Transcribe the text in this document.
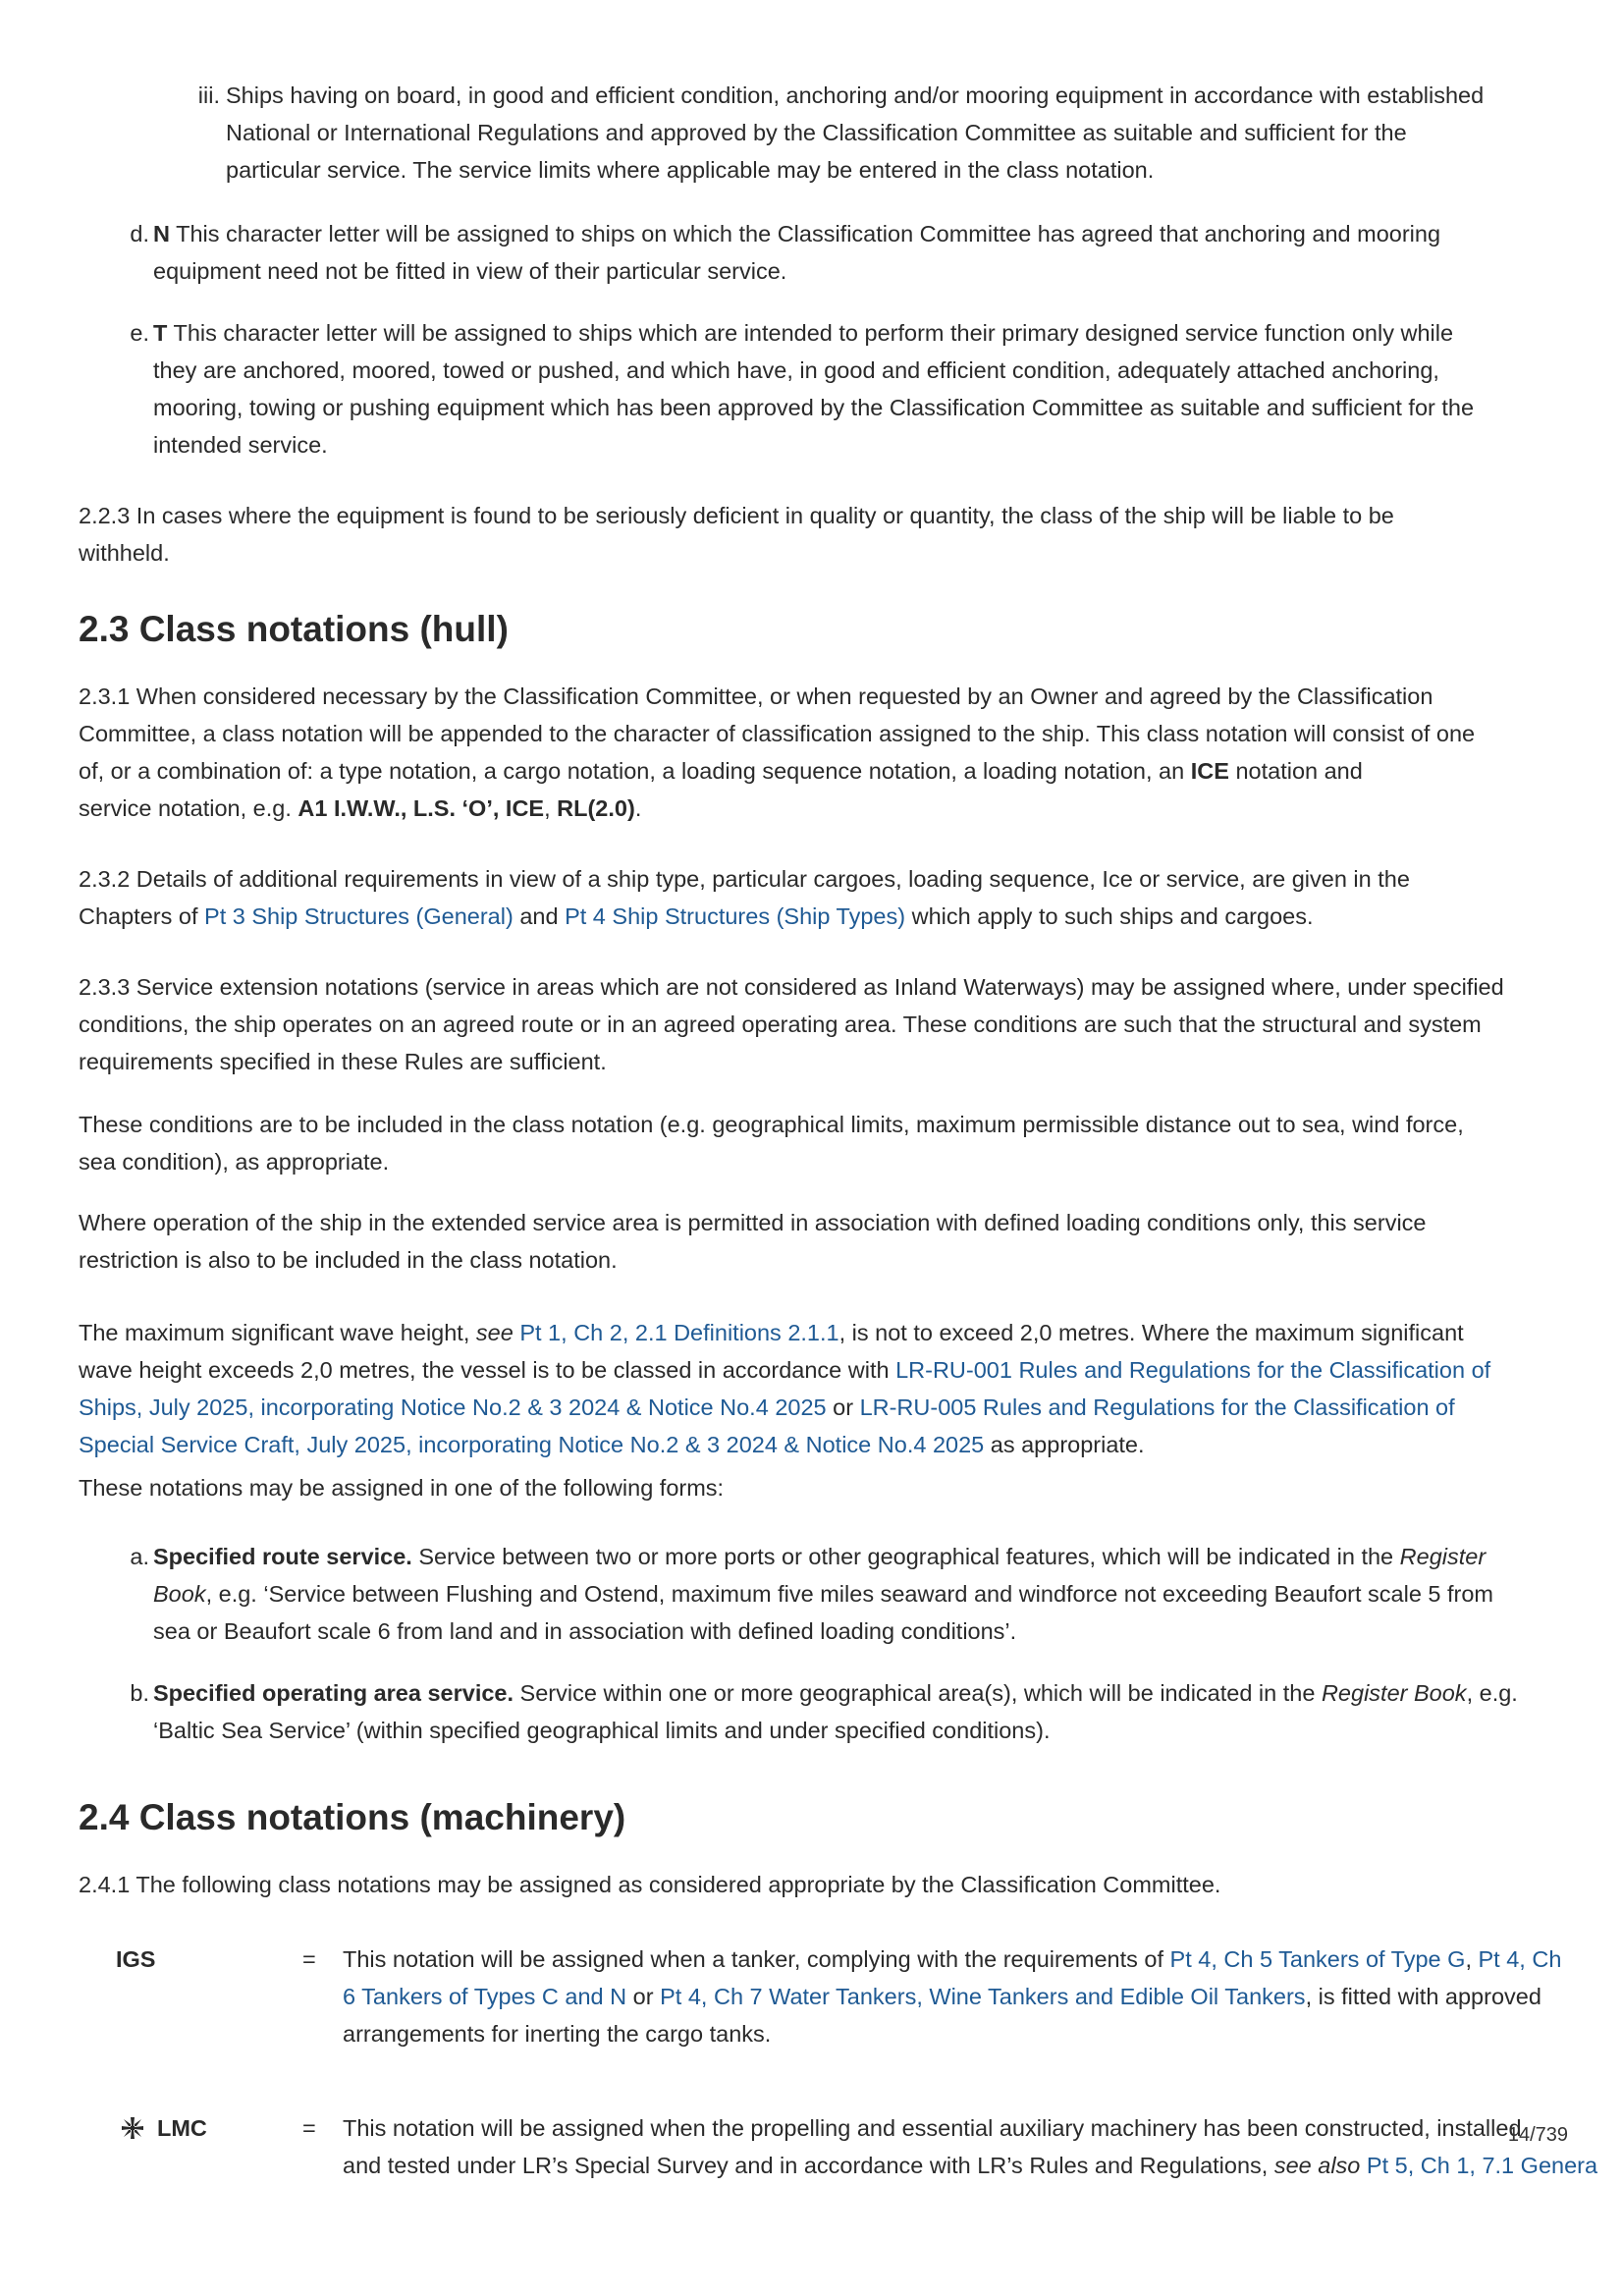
iii. Ships having on board, in good and efficient condition, anchoring and/or mooring equipment in accordance with established

National or International Regulations and approved by the Classification Committee as suitable and sufficient for the

particular service. The service limits where applicable may be entered in the class notation.

d. N This character letter will be assigned to ships on which the Classification Committee has agreed that anchoring and mooring

equipment need not be fitted in view of their particular service.

e. T This character letter will be assigned to ships which are intended to perform their primary designed service function only while

they are anchored, moored, towed or pushed, and which have, in good and efficient condition, adequately attached anchoring,

mooring, towing or pushing equipment which has been approved by the Classification Committee as suitable and sufficient for the

intended service.

2.2.3 In cases where the equipment is found to be seriously deficient in quality or quantity, the class of the ship will be liable to be

withheld.

2.3 Class notations (hull)

2.3.1 When considered necessary by the Classification Committee, or when requested by an Owner and agreed by the Classification

Committee, a class notation will be appended to the character of classification assigned to the ship. This class notation will consist of one

of, or a combination of: a type notation, a cargo notation, a loading sequence notation, a loading notation, an ICE notation and

service notation, e.g. A1 I.W.W., L.S. ‘O’, ICE, RL(2.0).

2.3.2 Details of additional requirements in view of a ship type, particular cargoes, loading sequence, Ice or service, are given in the

Chapters of Pt 3 Ship Structures (General) and Pt 4 Ship Structures (Ship Types) which apply to such ships and cargoes.

2.3.3 Service extension notations (service in areas which are not considered as Inland Waterways) may be assigned where, under specified

conditions, the ship operates on an agreed route or in an agreed operating area. These conditions are such that the structural and system

requirements specified in these Rules are sufficient.

These conditions are to be included in the class notation (e.g. geographical limits, maximum permissible distance out to sea, wind force,

sea condition), as appropriate.

Where operation of the ship in the extended service area is permitted in association with defined loading conditions only, this service

restriction is also to be included in the class notation.

The maximum significant wave height, see Pt 1, Ch 2, 2.1 Definitions 2.1.1, is not to exceed 2,0 metres. Where the maximum significant

wave height exceeds 2,0 metres, the vessel is to be classed in accordance with LR-RU-001 Rules and Regulations for the Classification of

Ships, July 2025, incorporating Notice No.2 & 3 2024 & Notice No.4 2025 or LR-RU-005 Rules and Regulations for the Classification of

Special Service Craft, July 2025, incorporating Notice No.2 & 3 2024 & Notice No.4 2025 as appropriate.

These notations may be assigned in one of the following forms:

a. Specified route service. Service between two or more ports or other geographical features, which will be indicated in the Register

Book, e.g. ‘Service between Flushing and Ostend, maximum five miles seaward and windforce not exceeding Beaufort scale 5 from

sea or Beaufort scale 6 from land and in association with defined loading conditions’.

b. Specified operating area service. Service within one or more geographical area(s), which will be indicated in the Register Book, e.g.

‘Baltic Sea Service’ (within specified geographical limits and under specified conditions).

2.4 Class notations (machinery)

2.4.1 The following class notations may be assigned as considered appropriate by the Classification Committee.

IGS	= This notation will be assigned when a tanker, complying with the requirements of Pt 4, Ch 5 Tankers of Type G, Pt 4, Ch

6 Tankers of Types C and N or Pt 4, Ch 7 Water Tankers, Wine Tankers and Edible Oil Tankers, is fitted with approved

arrangements for inerting the cargo tanks.

LMC	= This notation will be assigned when the propelling and essential auxiliary machinery has been constructed, installed

and tested under LR’s Special Survey and in accordance with LR’s Rules and Regulations, see also Pt 5, Ch 1, 7.1 Genera

14/739
